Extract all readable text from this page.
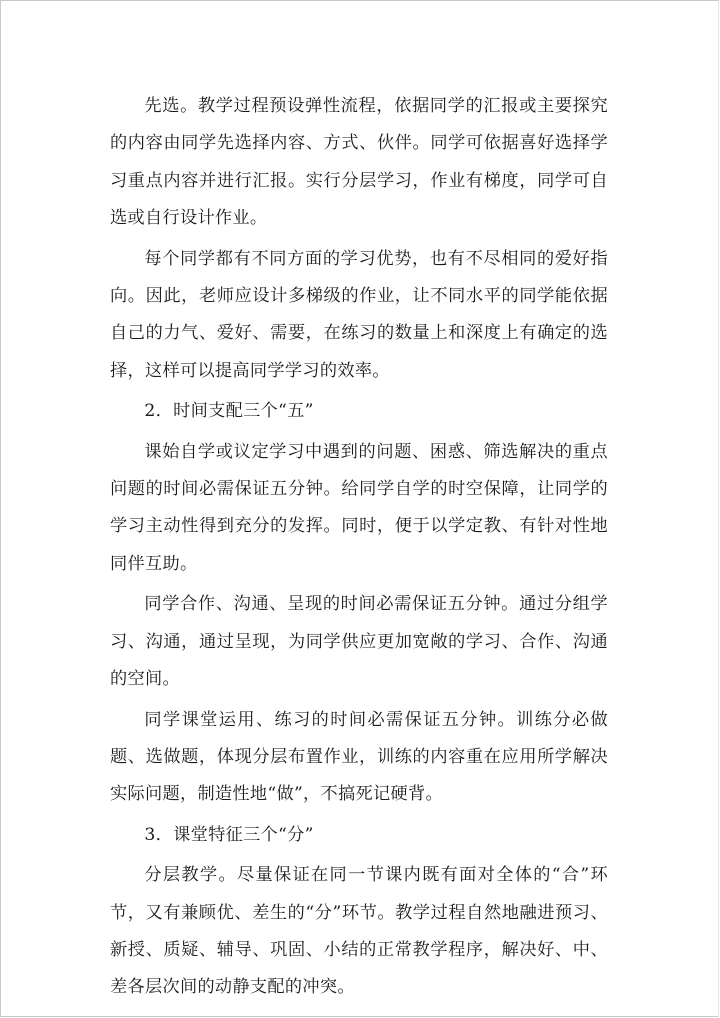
先选。教学过程预设弹性流程，依据同学的汇报或主要探究的内容由同学先选择内容、方式、伙伴。同学可依据喜好选择学习重点内容并进行汇报。实行分层学习，作业有梯度，同学可自选或自行设计作业。

每个同学都有不同方面的学习优势，也有不尽相同的爱好指向。因此，老师应设计多梯级的作业，让不同水平的同学能依据自己的力气、爱好、需要，在练习的数量上和深度上有确定的选择，这样可以提高同学学习的效率。

2．时间支配三个“五”

课始自学或议定学习中遇到的问题、困惑、筛选解决的重点问题的时间必需保证五分钟。给同学自学的时空保障，让同学的学习主动性得到充分的发挥。同时，便于以学定教、有针对性地同伴互助。

同学合作、沟通、呈现的时间必需保证五分钟。通过分组学习、沟通，通过呈现，为同学供应更加宽敞的学习、合作、沟通的空间。

同学课堂运用、练习的时间必需保证五分钟。训练分必做题、选做题，体现分层布置作业，训练的内容重在应用所学解决实际问题，制造性地“做”，不搞死记硬背。

3．课堂特征三个“分”

分层教学。尽量保证在同一节课内既有面对全体的“合”环节，又有兼顾优、差生的“分”环节。教学过程自然地融进预习、新授、质疑、辅导、巩固、小结的正常教学程序，解决好、中、差各层次间的动静支配的冲突。
